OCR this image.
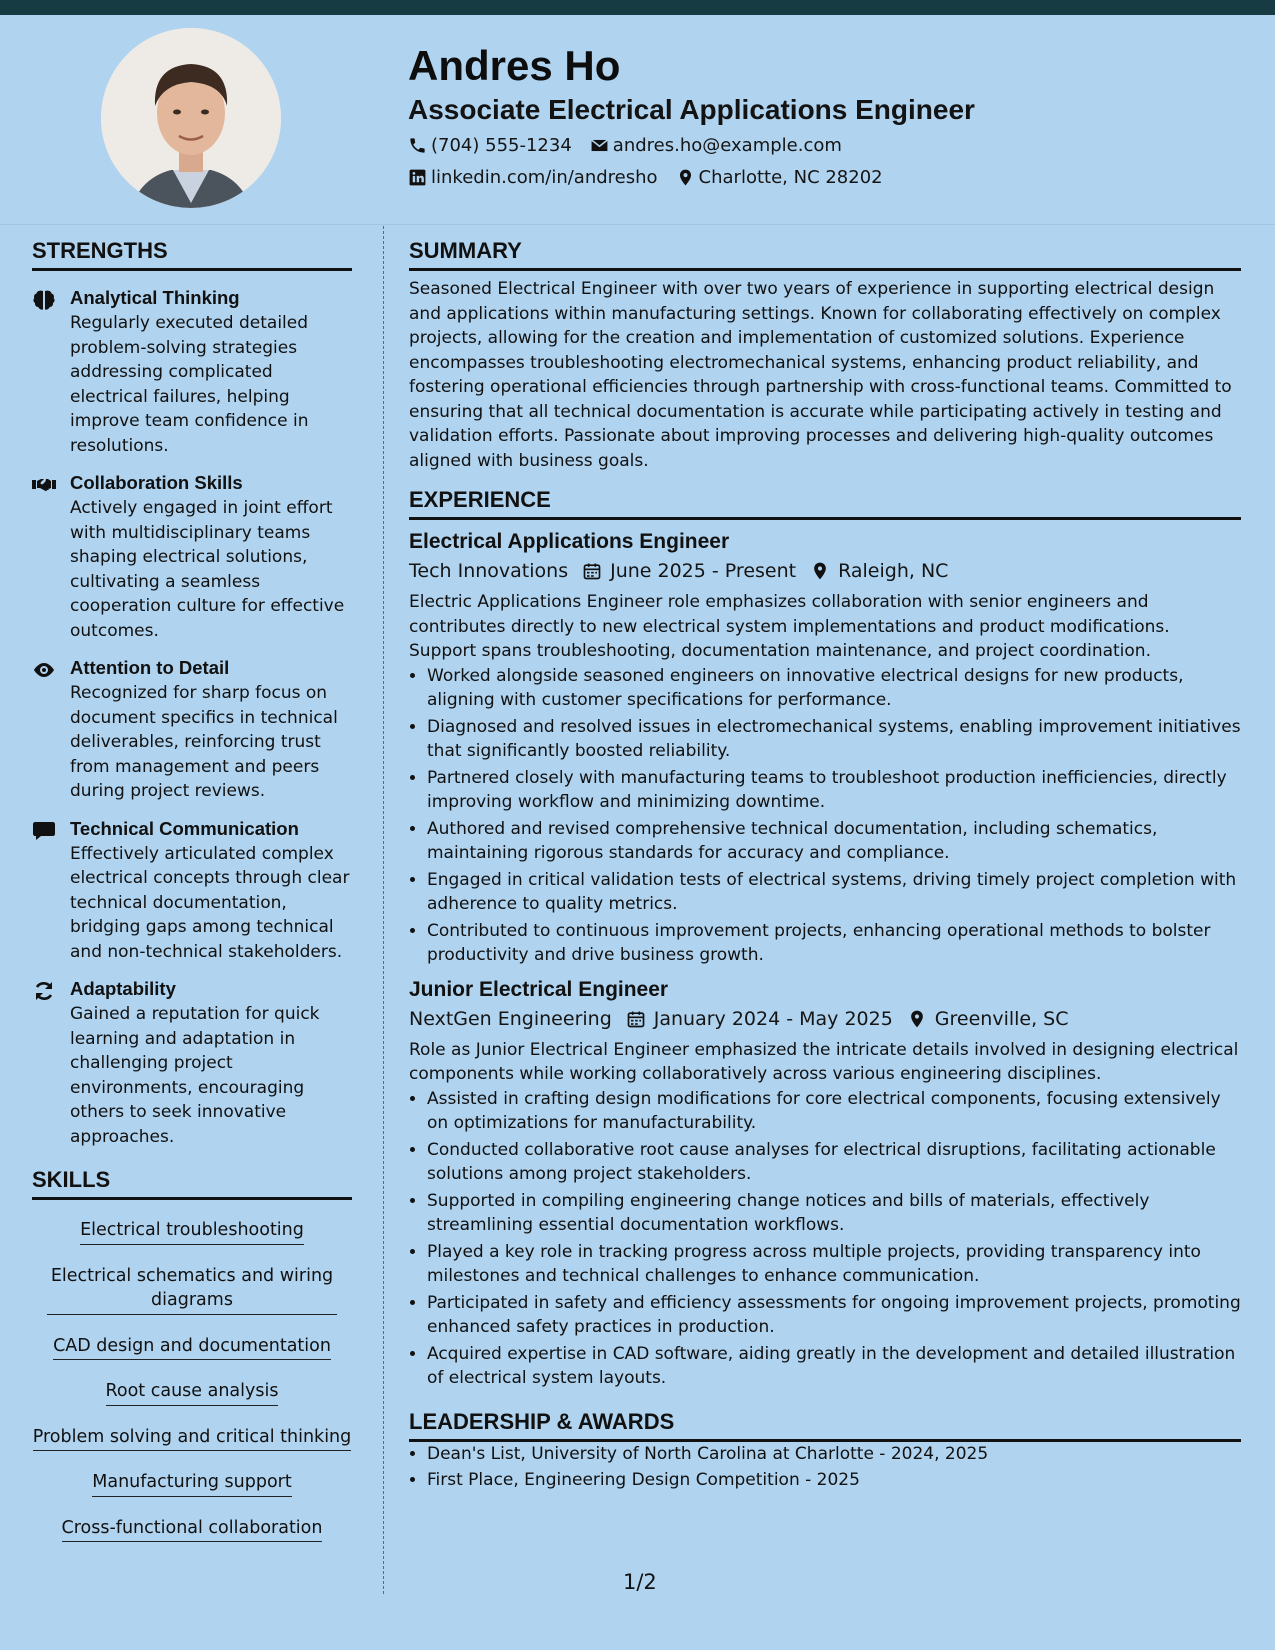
Andres Ho
Associate Electrical Applications Engineer
(704) 555-1234 andres.ho@example.com
linkedin.com/in/andresho Charlotte, NC 28202
STRENGTHS

Analytical Thinking

Regularly executed detailed problem-solving strategies addressing complicated electrical failures, helping improve team confidence in resolutions.

Collaboration Skills

Actively engaged in joint effort with multidisciplinary teams shaping electrical solutions, cultivating a seamless cooperation culture for effective outcomes.

Attention to Detail

Recognized for sharp focus on document specifics in technical deliverables, reinforcing trust from management and peers during project reviews.

Technical Communication

Effectively articulated complex electrical concepts through clear technical documentation, bridging gaps among technical and non-technical stakeholders.

Adaptability

Gained a reputation for quick learning and adaptation in challenging project environments, encouraging others to seek innovative approaches.

SKILLS
Electrical troubleshooting
Electrical schematics and wiring diagrams
CAD design and documentation
Root cause analysis
Problem solving and critical thinking
Manufacturing support
Cross-functional collaboration
SUMMARY

Seasoned Electrical Engineer with over two years of experience in supporting electrical design and applications within manufacturing settings. Known for collaborating effectively on complex projects, allowing for the creation and implementation of customized solutions. Experience encompasses troubleshooting electromechanical systems, enhancing product reliability, and fostering operational efficiencies through partnership with cross-functional teams. Committed to ensuring that all technical documentation is accurate while participating actively in testing and validation efforts. Passionate about improving processes and delivering high-quality outcomes aligned with business goals.

EXPERIENCE

Electrical Applications Engineer

Tech Innovations June 2025 - Present Raleigh, NC

Electric Applications Engineer role emphasizes collaboration with senior engineers and contributes directly to new electrical system implementations and product modifications. Support spans troubleshooting, documentation maintenance, and project coordination.

• Worked alongside seasoned engineers on innovative electrical designs for new products, aligning with customer specifications for performance.
• Diagnosed and resolved issues in electromechanical systems, enabling improvement initiatives that significantly boosted reliability.
• Partnered closely with manufacturing teams to troubleshoot production inefficiencies, directly improving workflow and minimizing downtime.
• Authored and revised comprehensive technical documentation, including schematics, maintaining rigorous standards for accuracy and compliance.
• Engaged in critical validation tests of electrical systems, driving timely project completion with adherence to quality metrics.
• Contributed to continuous improvement projects, enhancing operational methods to bolster productivity and drive business growth.

Junior Electrical Engineer

NextGen Engineering January 2024 - May 2025 Greenville, SC

Role as Junior Electrical Engineer emphasized the intricate details involved in designing electrical components while working collaboratively across various engineering disciplines.

• Assisted in crafting design modifications for core electrical components, focusing extensively on optimizations for manufacturability.
• Conducted collaborative root cause analyses for electrical disruptions, facilitating actionable solutions among project stakeholders.
• Supported in compiling engineering change notices and bills of materials, effectively streamlining essential documentation workflows.
• Played a key role in tracking progress across multiple projects, providing transparency into milestones and technical challenges to enhance communication.
• Participated in safety and efficiency assessments for ongoing improvement projects, promoting enhanced safety practices in production.
• Acquired expertise in CAD software, aiding greatly in the development and detailed illustration of electrical system layouts.
LEADERSHIP & AWARDS
• Dean's List, University of North Carolina at Charlotte - 2024, 2025
• First Place, Engineering Design Competition - 2025
1/2
